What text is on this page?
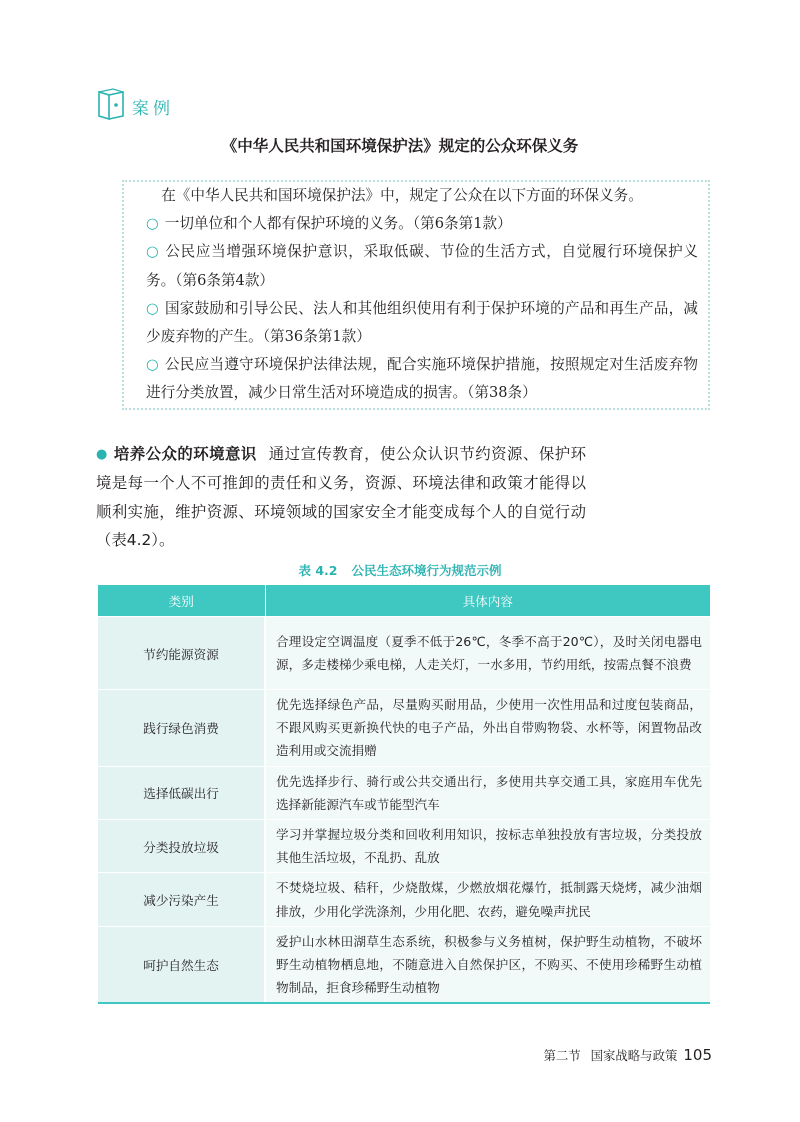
案例
《中华人民共和国环境保护法》规定的公众环保义务

在《中华人民共和国环境保护法》中，规定了公众在以下方面的环保义务。

○ 一切单位和个人都有保护环境的义务。（第6条第1款）

○ 公民应当增强环境保护意识，采取低碳、节俭的生活方式，自觉履行环境保护义务。（第6条第4款）

○ 国家鼓励和引导公民、法人和其他组织使用有利于保护环境的产品和再生产品，减少废弃物的产生。（第36条第1款）

○ 公民应当遵守环境保护法律法规，配合实施环境保护措施，按照规定对生活废弃物进行分类放置，减少日常生活对环境造成的损害。（第38条）

● 培养公众的环境意识 通过宣传教育，使公众认识节约资源、保护环境是每一个人不可推卸的责任和义务，资源、环境法律和政策才能得以顺利实施，维护资源、环境领域的国家安全才能变成每个人的自觉行动（表4.2）。
表 4.2 公民生态环境行为规范示例
类别	具体内容
节约能源资源	合理设定空调温度（夏季不低于26℃，冬季不高于20℃），及时关闭电器电源，多走楼梯少乘电梯，人走关灯，一水多用，节约用纸，按需点餐不浪费
践行绿色消费	优先选择绿色产品，尽量购买耐用品，少使用一次性用品和过度包装商品，不跟风购买更新换代快的电子产品，外出自带购物袋、水杯等，闲置物品改造利用或交流捐赠
选择低碳出行	优先选择步行、骑行或公共交通出行，多使用共享交通工具，家庭用车优先选择新能源汽车或节能型汽车
分类投放垃圾	学习并掌握垃圾分类和回收利用知识，按标志单独投放有害垃圾，分类投放其他生活垃圾，不乱扔、乱放
减少污染产生	不焚烧垃圾、秸秆，少烧散煤，少燃放烟花爆竹，抵制露天烧烤，减少油烟排放，少用化学洗涤剂，少用化肥、农药，避免噪声扰民
呵护自然生态	爱护山水林田湖草生态系统，积极参与义务植树，保护野生动植物，不破坏野生动植物栖息地，不随意进入自然保护区，不购买、不使用珍稀野生动植物制品，拒食珍稀野生动植物
第二节 国家战略与政策 105
